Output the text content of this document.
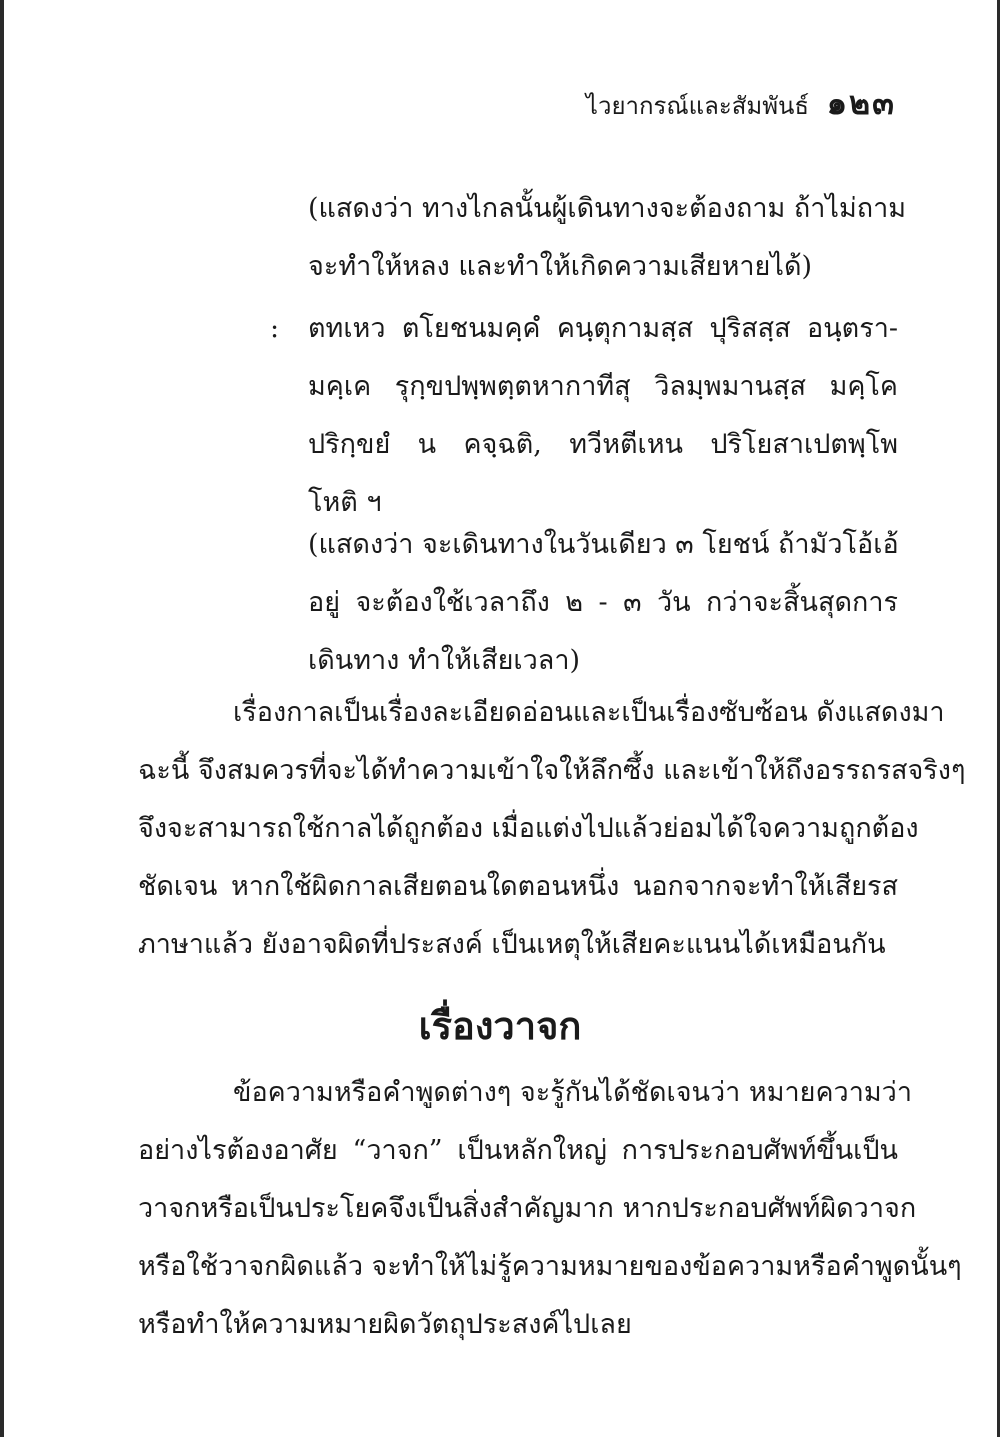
ไวยากรณ์และสัมพันธ์ ๑๒๓
(แสดงว่า ทางไกลนั้นผู้เดินทางจะต้องถาม ถ้าไม่ถาม
จะทำให้หลง และทำให้เกิดความเสียหายได้)
: ตทเหว ตโยชนมคฺคํ คนฺตุกามสฺส ปุริสสฺส อนฺตรา-
มคฺเค รุกฺขปพฺพตฺตหากาทีสุ วิลมฺพมานสฺส มคฺโค
ปริกฺขยํ น คจฺฉติ, ทวีหตีเหน ปริโยสาเปตพฺโพ
โหติ ฯ
(แสดงว่า จะเดินทางในวันเดียว ๓ โยชน์ ถ้ามัวโอ้เอ้
อยู่ จะต้องใช้เวลาถึง ๒ - ๓ วัน กว่าจะสิ้นสุดการ
เดินทาง ทำให้เสียเวลา)
เรื่องกาลเป็นเรื่องละเอียดอ่อนและเป็นเรื่องซับซ้อน ดังแสดงมา
ฉะนี้ จึงสมควรที่จะได้ทำความเข้าใจให้ลึกซึ้ง และเข้าให้ถึงอรรถรสจริงๆ
จึงจะสามารถใช้กาลได้ถูกต้อง เมื่อแต่งไปแล้วย่อมได้ใจความถูกต้อง
ชัดเจน หากใช้ผิดกาลเสียตอนใดตอนหนึ่ง นอกจากจะทำให้เสียรส
ภาษาแล้ว ยังอาจผิดที่ประสงค์ เป็นเหตุให้เสียคะแนนได้เหมือนกัน
เรื่องวาจก
ข้อความหรือคำพูดต่างๆ จะรู้กันได้ชัดเจนว่า หมายความว่า
อย่างไรต้องอาศัย “วาจก” เป็นหลักใหญ่ การประกอบศัพท์ขึ้นเป็น
วาจกหรือเป็นประโยคจึงเป็นสิ่งสำคัญมาก หากประกอบศัพท์ผิดวาจก
หรือใช้วาจกผิดแล้ว จะทำให้ไม่รู้ความหมายของข้อความหรือคำพูดนั้นๆ
หรือทำให้ความหมายผิดวัตถุประสงค์ไปเลย
